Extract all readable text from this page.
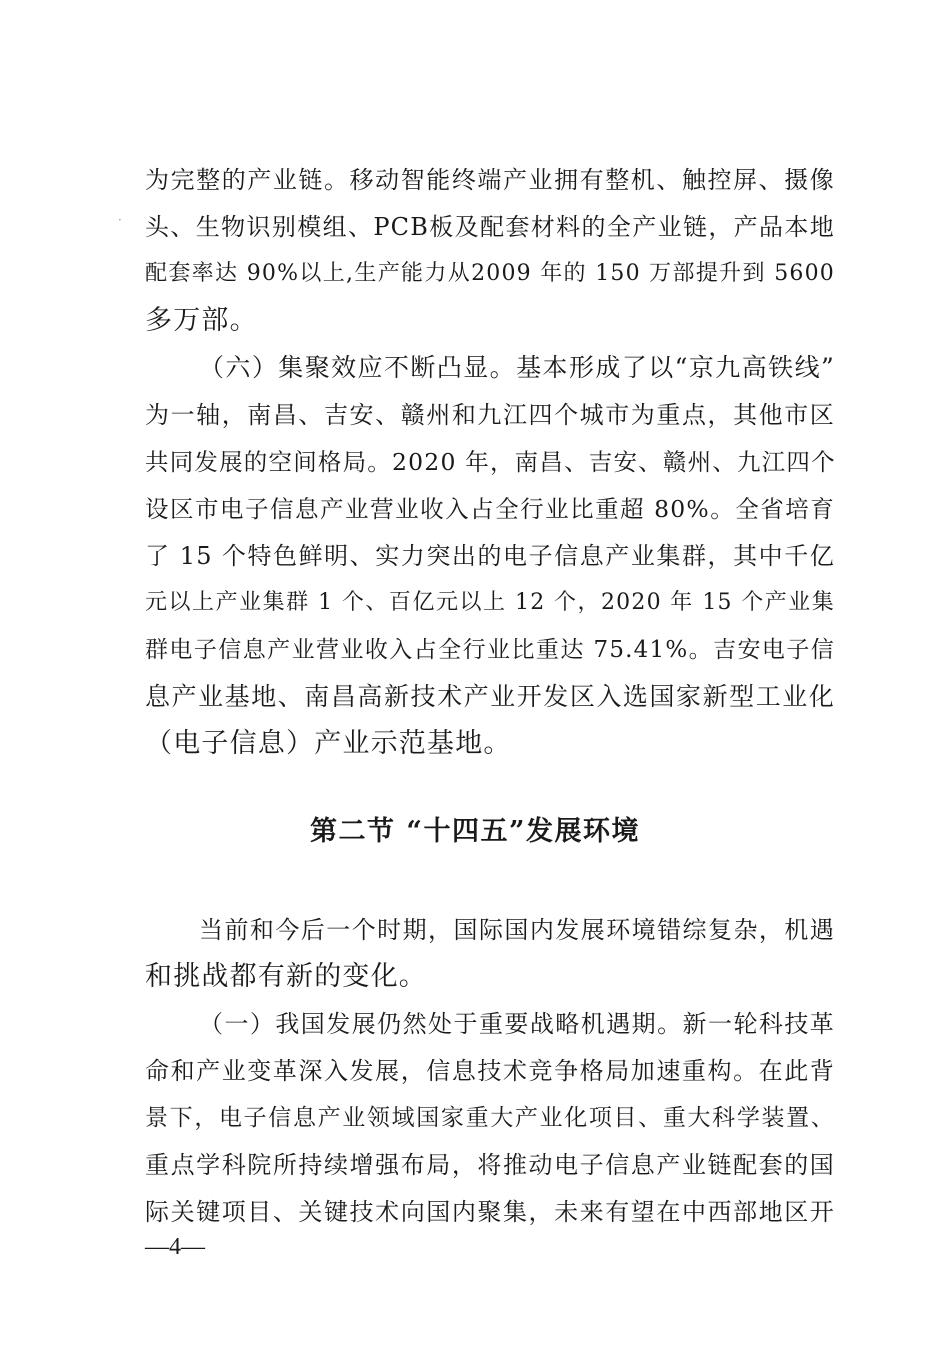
·
为完整的产业链。移动智能终端产业拥有整机、触控屏、摄像
头、生物识别模组、PCB板及配套材料的全产业链，产品本地
配套率达 90%以上,生产能力从2009 年的 150 万部提升到 5600
多万部。
（六）集聚效应不断凸显。基本形成了以“京九高铁线”
为一轴，南昌、吉安、赣州和九江四个城市为重点，其他市区
共同发展的空间格局。2020 年，南昌、吉安、赣州、九江四个
设区市电子信息产业营业收入占全行业比重超 80%。全省培育
了 15 个特色鲜明、实力突出的电子信息产业集群，其中千亿
元以上产业集群 1 个、百亿元以上 12 个，2020 年 15 个产业集
群电子信息产业营业收入占全行业比重达 75.41%。吉安电子信
息产业基地、南昌高新技术产业开发区入选国家新型工业化
（电子信息）产业示范基地。
第二节 “十四五”发展环境
当前和今后一个时期，国际国内发展环境错综复杂，机遇
和挑战都有新的变化。
（一）我国发展仍然处于重要战略机遇期。新一轮科技革
命和产业变革深入发展，信息技术竞争格局加速重构。在此背
景下，电子信息产业领域国家重大产业化项目、重大科学装置、
重点学科院所持续增强布局，将推动电子信息产业链配套的国
际关键项目、关键技术向国内聚集，未来有望在中西部地区开
—4—
